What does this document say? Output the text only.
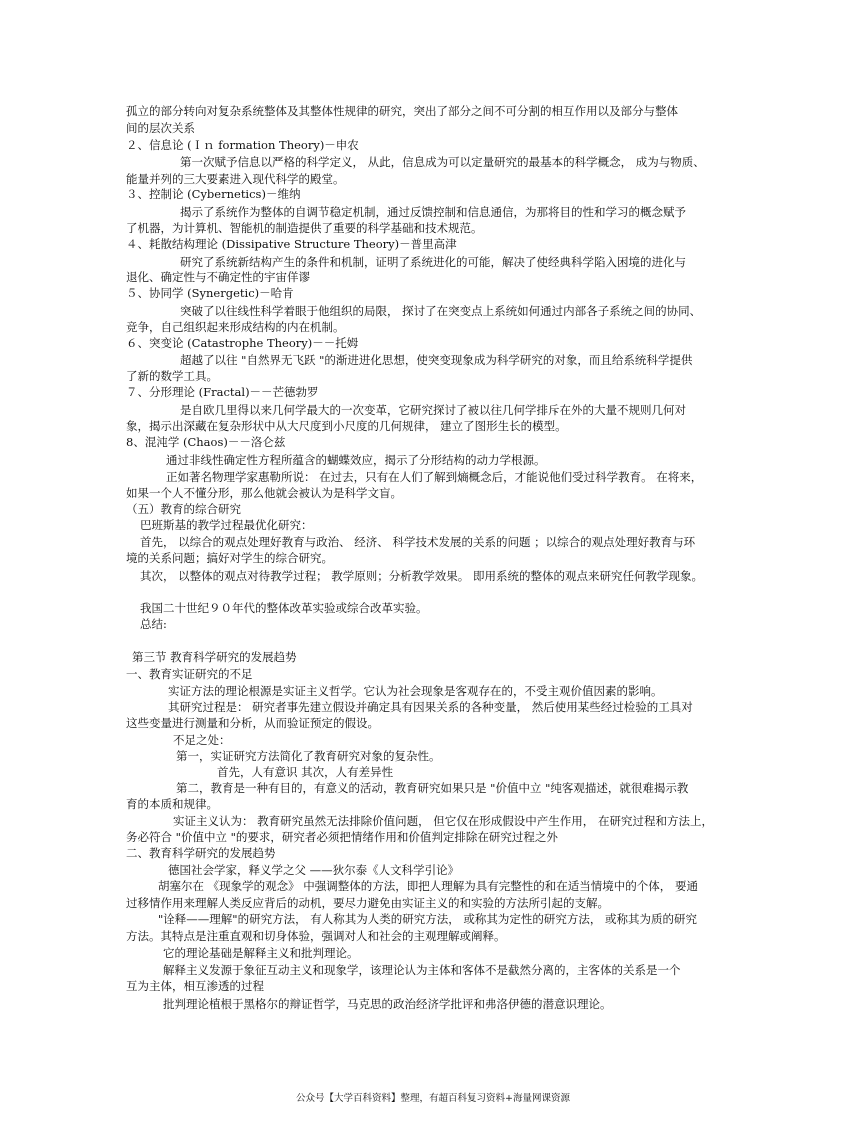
孤立的部分转向对复杂系统整体及其整体性规律的研究，突出了部分之间不可分割的相互作用以及部分与整体
间的层次关系
２、信息论 (Ｉｎ formation Theory)－申农
第一次赋予信息以严格的科学定义， 从此，信息成为可以定量研究的最基本的科学概念， 成为与物质、
能量并列的三大要素进入现代科学的殿堂。
３、控制论 (Cybernetics)－维纳
揭示了系统作为整体的自调节稳定机制，通过反馈控制和信息通信，为那将目的性和学习的概念赋予
了机器，为计算机、智能机的制造提供了重要的科学基础和技术规范。
４、耗散结构理论 (Dissipative Structure Theory)－普里高津
研究了系统新结构产生的条件和机制，证明了系统进化的可能，解决了使经典科学陷入困境的进化与
退化、确定性与不确定性的宇宙佯谬
５、协同学 (Synergetic)－哈肯
突破了以往线性科学着眼于他组织的局限， 探讨了在突变点上系统如何通过内部各子系统之间的协同、
竞争，自己组织起来形成结构的内在机制。
６、突变论 (Catastrophe Theory)－－托姆
超越了以往 "自然界无飞跃 "的渐进进化思想，使突变现象成为科学研究的对象，而且给系统科学提供
了新的数学工具。
７、分形理论 (Fractal)－－芒德勃罗
是自欧几里得以来几何学最大的一次变革，它研究探讨了被以往几何学排斥在外的大量不规则几何对
象，揭示出深藏在复杂形状中从大尺度到小尺度的几何规律， 建立了图形生长的模型。
8、混沌学 (Chaos)－－洛仑兹
通过非线性确定性方程所蕴含的蝴蝶效应，揭示了分形结构的动力学根源。
正如著名物理学家惠勒所说： 在过去，只有在人们了解到熵概念后，才能说他们受过科学教育。 在将来，
如果一个人不懂分形，那么他就会被认为是科学文盲。
（五）教育的综合研究
巴班斯基的教学过程最优化研究：
首先， 以综合的观点处理好教育与政治、 经济、 科学技术发展的关系的问题 ；以综合的观点处理好教育与环
境的关系问题；搞好对学生的综合研究。
其次， 以整体的观点对待教学过程； 教学原则；分析教学效果。 即用系统的整体的观点来研究任何教学现象。
我国二十世纪９０年代的整体改革实验或综合改革实验。
总结:
第三节 教育科学研究的发展趋势
一、教育实证研究的不足
实证方法的理论根源是实证主义哲学。它认为社会现象是客观存在的，不受主观价值因素的影响。
其研究过程是： 研究者事先建立假设并确定具有因果关系的各种变量， 然后使用某些经过检验的工具对
这些变量进行测量和分析，从而验证预定的假设。
不足之处：
第一，实证研究方法简化了教育研究对象的复杂性。
首先，人有意识 其次，人有差异性
第二，教育是一种有目的，有意义的活动，教育研究如果只是 "价值中立 "纯客观描述，就很难揭示教
育的本质和规律。
实证主义认为： 教育研究虽然无法排除价值问题， 但它仅在形成假设中产生作用， 在研究过程和方法上，
务必符合 "价值中立 "的要求，研究者必须把情绪作用和价值判定排除在研究过程之外
二、教育科学研究的发展趋势
德国社会学家，释义学之父 ——狄尔泰《人文科学引论》
胡塞尔在 《现象学的观念》 中强调整体的方法，即把人理解为具有完整性的和在适当情境中的个体， 要通
过移情作用来理解人类反应背后的动机，要尽力避免由实证主义的和实验的方法所引起的支解。
"诠释——理解"的研究方法， 有人称其为人类的研究方法， 或称其为定性的研究方法， 或称其为质的研究
方法。其特点是注重直观和切身体验，强调对人和社会的主观理解或阐释。
它的理论基础是解释主义和批判理论。
解释主义发源于象征互动主义和现象学，该理论认为主体和客体不是截然分离的，主客体的关系是一个
互为主体，相互渗透的过程
批判理论植根于黑格尔的辩证哲学，马克思的政治经济学批评和弗洛伊德的潜意识理论。
公众号【大学百科资料】整理，有超百科复习资料+海量网课资源
